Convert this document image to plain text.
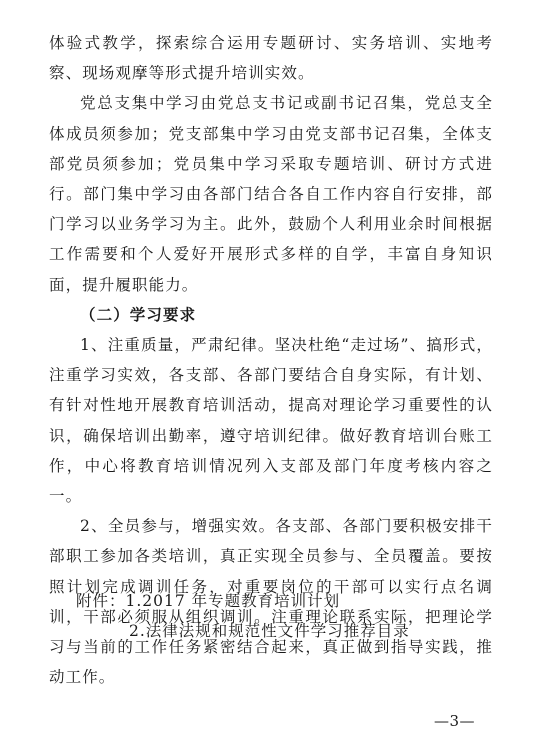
体验式教学，探索综合运用专题研讨、实务培训、实地考察、现场观摩等形式提升培训实效。

党总支集中学习由党总支书记或副书记召集，党总支全体成员须参加；党支部集中学习由党支部书记召集，全体支部党员须参加；党员集中学习采取专题培训、研讨方式进行。部门集中学习由各部门结合各自工作内容自行安排，部门学习以业务学习为主。此外，鼓励个人利用业余时间根据工作需要和个人爱好开展形式多样的自学，丰富自身知识面，提升履职能力。

（二）学习要求

1、注重质量，严肃纪律。坚决杜绝“走过场”、搞形式，注重学习实效，各支部、各部门要结合自身实际，有计划、有针对性地开展教育培训活动，提高对理论学习重要性的认识，确保培训出勤率，遵守培训纪律。做好教育培训台账工作，中心将教育培训情况列入支部及部门年度考核内容之一。

2、全员参与，增强实效。各支部、各部门要积极安排干部职工参加各类培训，真正实现全员参与、全员覆盖。要按照计划完成调训任务，对重要岗位的干部可以实行点名调训，干部必须服从组织调训。注重理论联系实际，把理论学习与当前的工作任务紧密结合起来，真正做到指导实践，推动工作。

附件：1.2017 年专题教育培训计划
2.法律法规和规范性文件学习推荐目录
—3—
